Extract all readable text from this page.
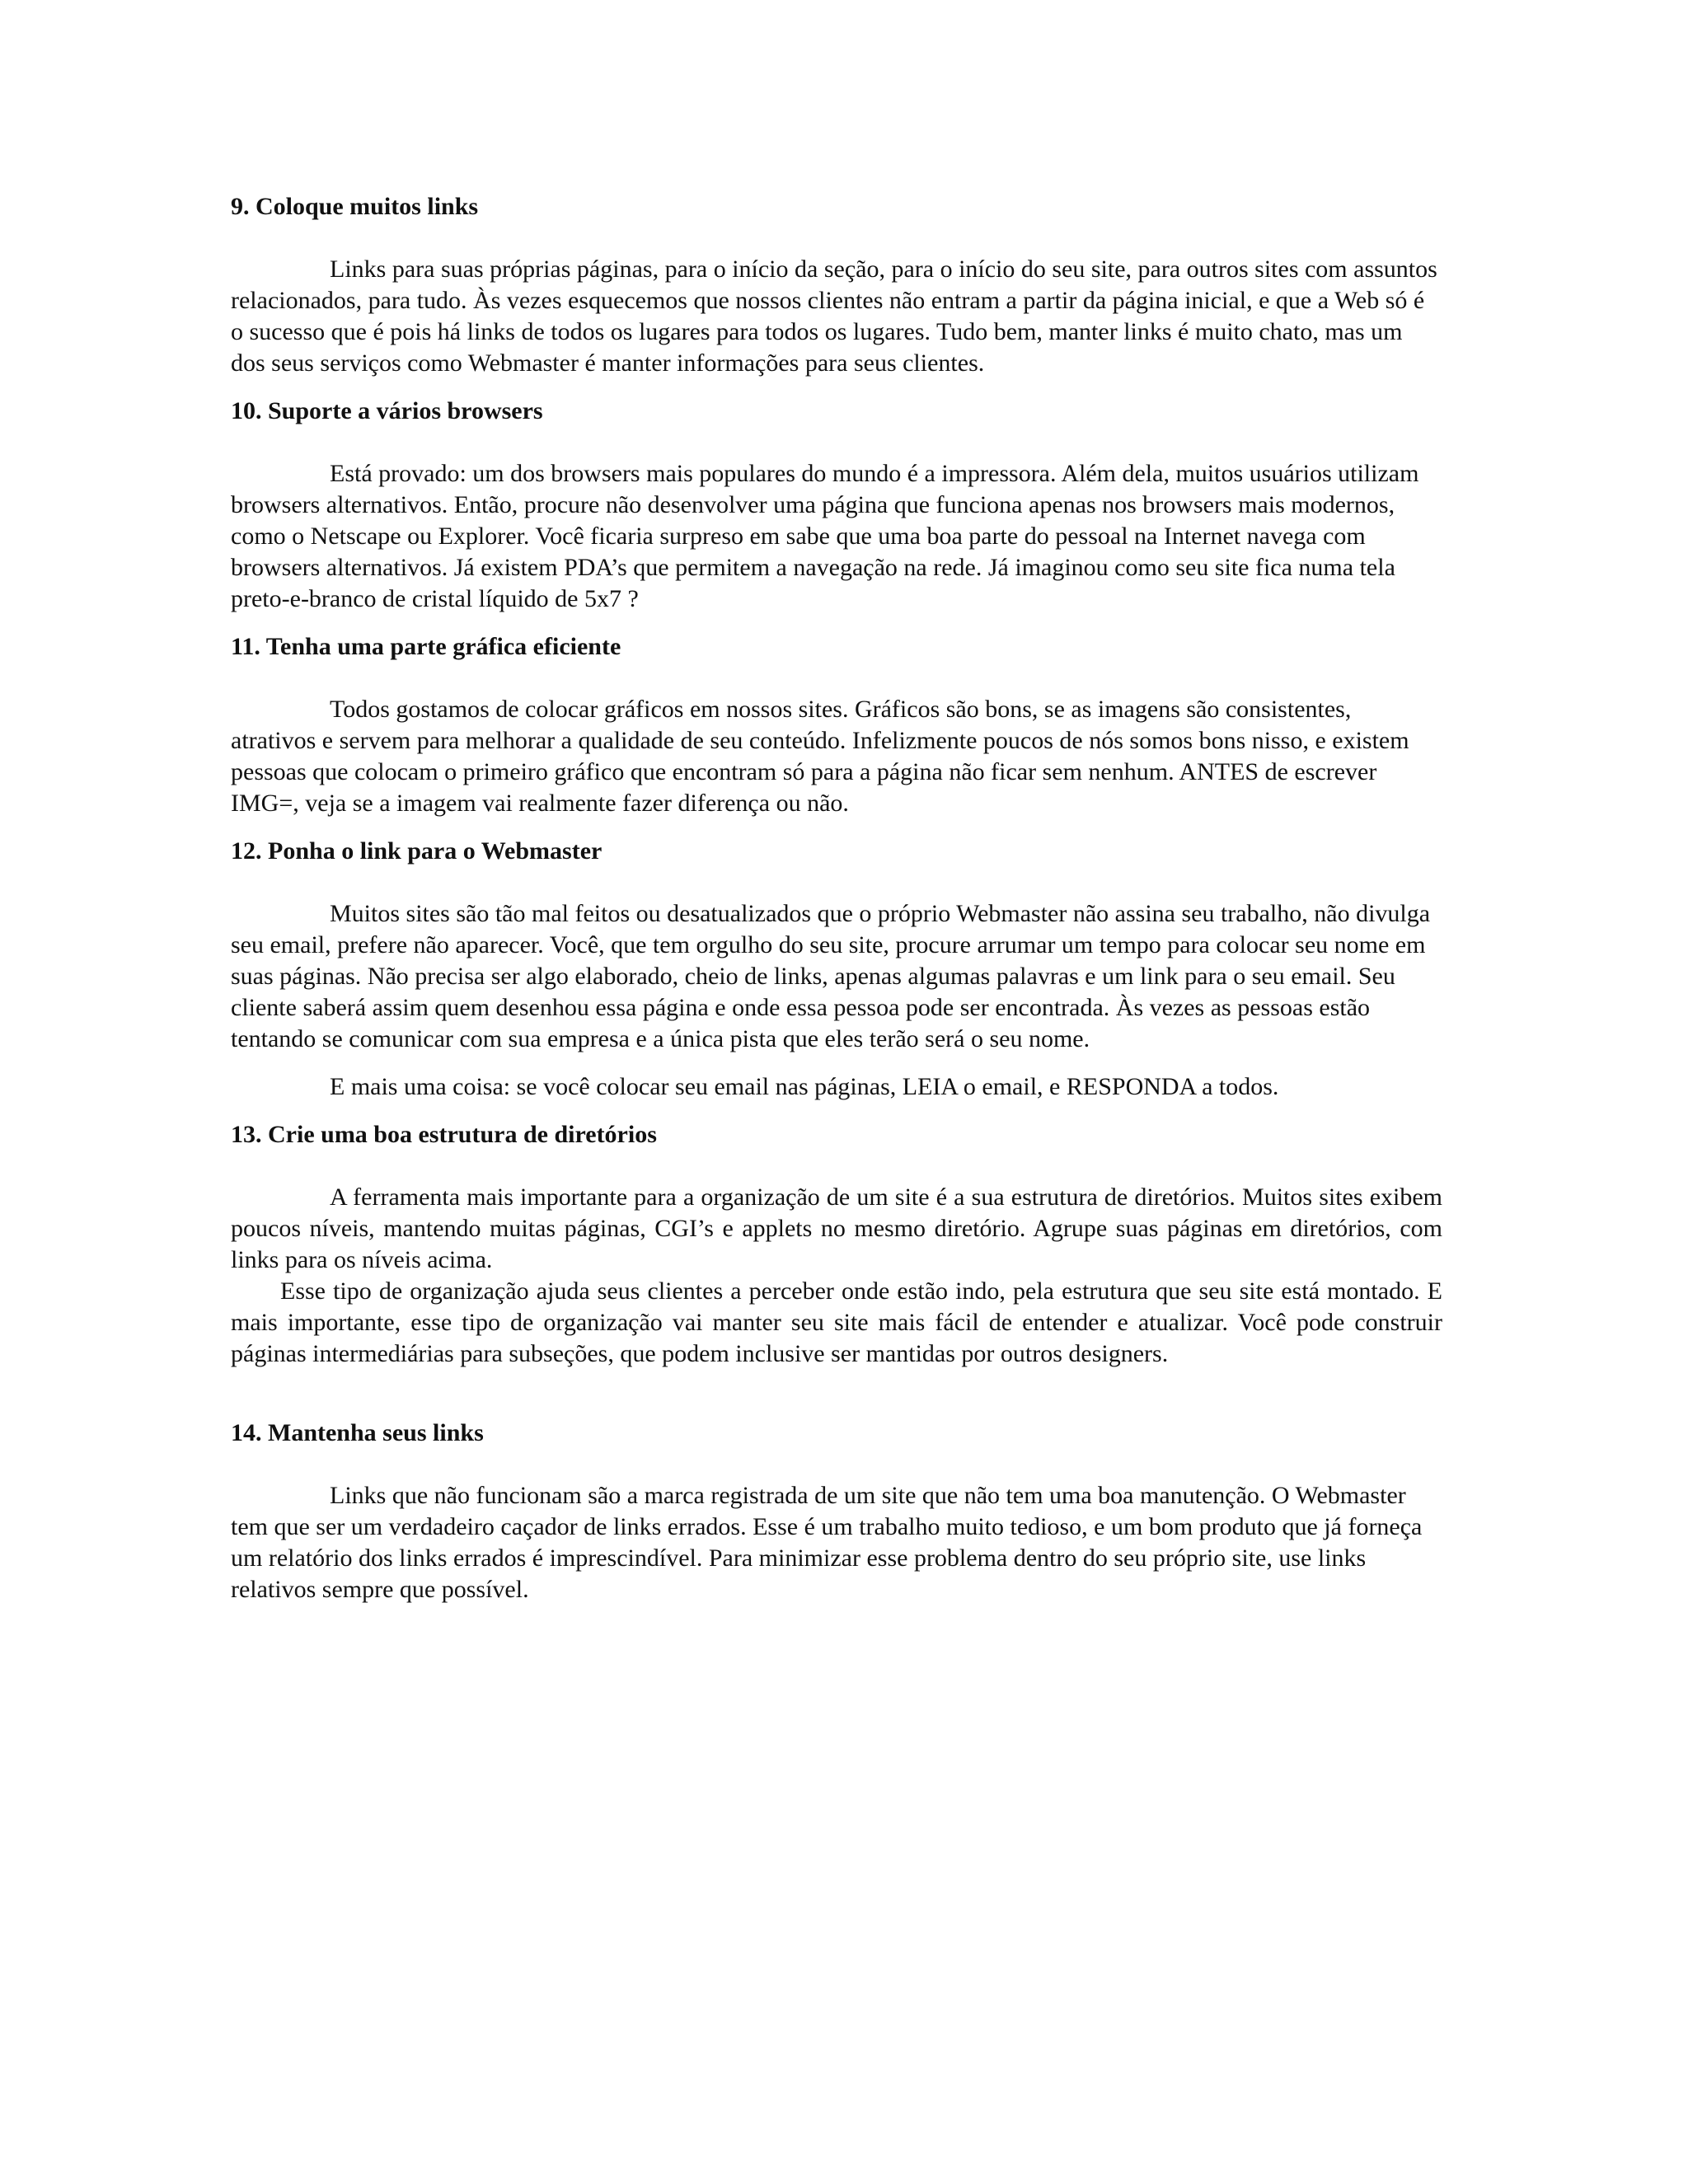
9. Coloque muitos links

Links para suas próprias páginas, para o início da seção, para o início do seu site, para outros sites com assuntos relacionados, para tudo. Às vezes esquecemos que nossos clientes não entram a partir da página inicial, e que a Web só é o sucesso que é pois há links de todos os lugares para todos os lugares. Tudo bem, manter links é muito chato, mas um dos seus serviços como Webmaster é manter informações para seus clientes.

10. Suporte a vários browsers

Está provado: um dos browsers mais populares do mundo é a impressora. Além dela, muitos usuários utilizam browsers alternativos. Então, procure não desenvolver uma página que funciona apenas nos browsers mais modernos, como o Netscape ou Explorer. Você ficaria surpreso em sabe que uma boa parte do pessoal na Internet navega com browsers alternativos. Já existem PDA’s que permitem a navegação na rede. Já imaginou como seu site fica numa tela preto-e-branco de cristal líquido de 5x7 ?

11. Tenha uma parte gráfica eficiente

Todos gostamos de colocar gráficos em nossos sites. Gráficos são bons, se as imagens são consistentes, atrativos e servem para melhorar a qualidade de seu conteúdo. Infelizmente poucos de nós somos bons nisso, e existem pessoas que colocam o primeiro gráfico que encontram só para a página não ficar sem nenhum. ANTES de escrever IMG=, veja se a imagem vai realmente fazer diferença ou não.

12. Ponha o link para o Webmaster

Muitos sites são tão mal feitos ou desatualizados que o próprio Webmaster não assina seu trabalho, não divulga seu email, prefere não aparecer. Você, que tem orgulho do seu site, procure arrumar um tempo para colocar seu nome em suas páginas. Não precisa ser algo elaborado, cheio de links, apenas algumas palavras e um link para o seu email. Seu cliente saberá assim quem desenhou essa página e onde essa pessoa pode ser encontrada. Às vezes as pessoas estão tentando se comunicar com sua empresa e a única pista que eles terão será o seu nome.

E mais uma coisa: se você colocar seu email nas páginas, LEIA o email, e RESPONDA a todos.

13. Crie uma boa estrutura de diretórios

A ferramenta mais importante para a organização de um site é a sua estrutura de diretórios. Muitos sites exibem poucos níveis, mantendo muitas páginas, CGI’s e applets no mesmo diretório. Agrupe suas páginas em diretórios, com links para os níveis acima.

Esse tipo de organização ajuda seus clientes a perceber onde estão indo, pela estrutura que seu site está montado. E mais importante, esse tipo de organização vai manter seu site mais fácil de entender e atualizar. Você pode construir páginas intermediárias para subseções, que podem inclusive ser mantidas por outros designers.

14. Mantenha seus links

Links que não funcionam são a marca registrada de um site que não tem uma boa manutenção. O Webmaster tem que ser um verdadeiro caçador de links errados. Esse é um trabalho muito tedioso, e um bom produto que já forneça um relatório dos links errados é imprescindível. Para minimizar esse problema dentro do seu próprio site, use links relativos sempre que possível.
